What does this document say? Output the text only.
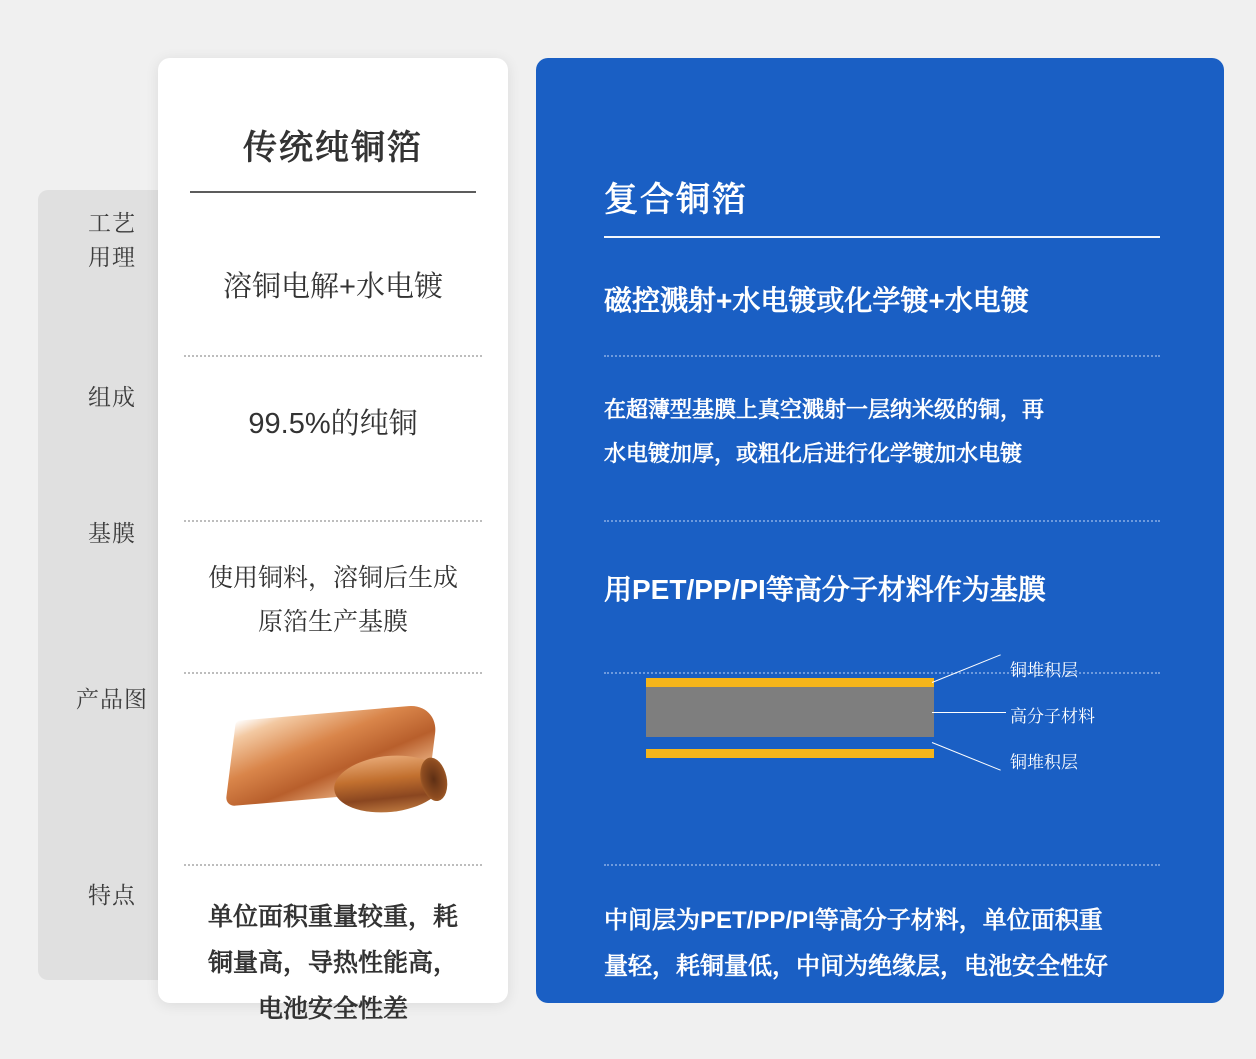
工艺
用理
组成
基膜
产品图
特点
传统纯铜箔
溶铜电解+水电镀
99.5%的纯铜
使用铜料，溶铜后生成
原箔生产基膜
单位面积重量较重，耗
铜量高，导热性能高，
电池安全性差
复合铜箔
磁控溅射+水电镀或化学镀+水电镀
在超薄型基膜上真空溅射一层纳米级的铜，再
水电镀加厚，或粗化后进行化学镀加水电镀
用PET/PP/PI等高分子材料作为基膜
铜堆积层
高分子材料
铜堆积层
中间层为PET/PP/PI等高分子材料，单位面积重
量轻，耗铜量低，中间为绝缘层，电池安全性好
